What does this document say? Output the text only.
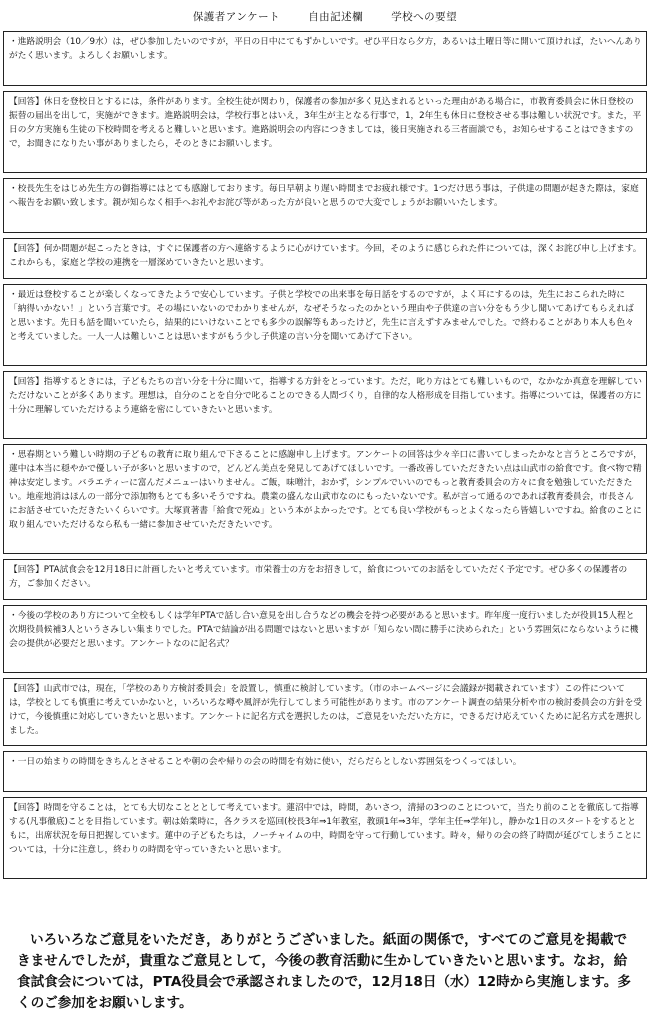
保護者アンケート	自由記述欄	学校への要望
・進路説明会（10／9水）は，ぜひ参加したいのですが，平日の日中にてもずかしいです。ぜひ平日なら夕方，あるいは土曜日等に開いて頂ければ，たいへんありがたく思います。よろしくお願いします。
【回答】休日を登校日とするには，条件があります。全校生徒が関わり，保護者の参加が多く見込まれるといった理由がある場合に，市教育委員会に休日登校の振替の届出を出して，実施ができます。進路説明会は，学校行事とはいえ，3年生が主となる行事で，1，2年生も休日に登校させる事は難しい状況です。また，平日の夕方実施も生徒の下校時間を考えると難しいと思います。進路説明会の内容につきましては，後日実施される三者面談でも，お知らせすることはできますので，お聞きになりたい事がありましたら，そのときにお願いします。
・校長先生をはじめ先生方の御指導にはとても感謝しております。毎日早朝より遅い時間までお疲れ様です。1つだけ思う事は，子供達の問題が起きた際は，家庭へ報告をお願い致します。親が知らなく相手へお礼やお詫び等があった方が良いと思うので大変でしょうがお願いいたします。
【回答】何か問題が起こったときは，すぐに保護者の方へ連絡するように心がけています。今回，そのように感じられた件については，深くお詫び申し上げます。これからも，家庭と学校の連携を一層深めていきたいと思います。
・最近は登校することが楽しくなってきたようで安心しています。子供と学校での出来事を毎日話をするのですが，よく耳にするのは，先生におこられた時に「納得いかない！」という言葉です。その場にいないのでわかりませんが，なぜそうなったのかという理由や子供達の言い分をもう少し聞いてあげてもらえればと思います。先日も話を聞いていたら，結果的にいけないことでも多少の誤解等もあったけど，先生に言えずすみませんでした。で終わることがあり本人も色々と考えていました。一人一人は難しいことは思いますがもう少し子供達の言い分を聞いてあげて下さい。
【回答】指導するときには，子どもたちの言い分を十分に聞いて，指導する方針をとっています。ただ，叱り方はとても難しいもので，なかなか真意を理解していただけないことが多くあります。理想は，自分のことを自分で叱ることのできる人間づくり，自律的な人格形成を目指しています。指導については，保護者の方に十分に理解していただけるよう連絡を密にしていきたいと思います。
・思春期という難しい時期の子どもの教育に取り組んで下さることに感謝申し上げます。アンケートの回答は少々辛口に書いてしまったかなと言うところですが，蓮中は本当に穏やかで優しい子が多いと思いますので，どんどん美点を発見してあげてほしいです。一番改善していただきたい点は山武市の給食です。食べ物で精神は安定します。バラエティーに富んだメニューはいりません。ご飯，味噌汁，おかず，シンプルでいいのでもっと教育委員会の方々に食を勉強していただきたい。地産地消はほんの一部分で添加物もとても多いそうですね。農業の盛んな山武市なのにもったいないです。私が言って通るのであれば教育委員会，市長さんにお話させていただきたいくらいです。大塚貢著書「給食で死ぬ」という本がよかったです。とても良い学校がもっとよくなったら皆嬉しいですね。給食のことに取り組んでいただけるなら私も一緒に参加させていただきたいです。
【回答】PTA試食会を12月18日に計画したいと考えています。市栄養士の方をお招きして，給食についてのお話をしていただく予定です。ぜひ多くの保護者の方，ご参加ください。
・今後の学校のあり方について全校もしくは学年PTAで話し合い意見を出し合うなどの機会を持つ必要があると思います。昨年度一度行いましたが役員15人程と次期役員候補3人というさみしい集まりでした。PTAで結論が出る問題ではないと思いますが「知らない間に勝手に決められた」という雰囲気にならないように機会の提供が必要だと思います。アンケートなのに記名式？
【回答】山武市では，現在，「学校のあり方検討委員会」を設置し，慎重に検討しています。（市のホームページに会議録が掲載されています）この件については，学校としても慎重に考えていかないと，いろいろな噂や風評が先行してしまう可能性があります。市のアンケート調査の結果分析や市の検討委員会の方針を受けて，今後慎重に対応していきたいと思います。アンケートに記名方式を選択したのは，ご意見をいただいた方に，できるだけ応えていくために記名方式を選択しました。
・一日の始まりの時間をきちんとさせることや朝の会や帰りの会の時間を有効に使い，だらだらとしない雰囲気をつくってほしい。
【回答】時間を守ることは，とても大切なことととして考えています。蓮沼中では，時間，あいさつ，清掃の3つのことについて，当たり前のことを徹底して指導する(凡事徹底)ことを目指しています。朝は始業時に，各クラスを巡回(校長3年⇒1年教室，教頭1年⇒3年，学年主任⇒学年)し，静かな1日のスタートをするとともに，出席状況を毎日把握しています。蓮中の子どもたちは，ノーチャイムの中，時間を守って行動しています。時々，帰りの会の終了時間が延びてしまうことについては，十分に注意し，終わりの時間を守っていきたいと思います。
いろいろなご意見をいただき，ありがとうございました。紙面の関係で，すべてのご意見を掲載できませんでしたが，貴重なご意見として，今後の教育活動に生かしていきたいと思います。なお，給食試食会については，PTA役員会で承認されましたので，12月18日（水）12時から実施します。多くのご参加をお願いします。
